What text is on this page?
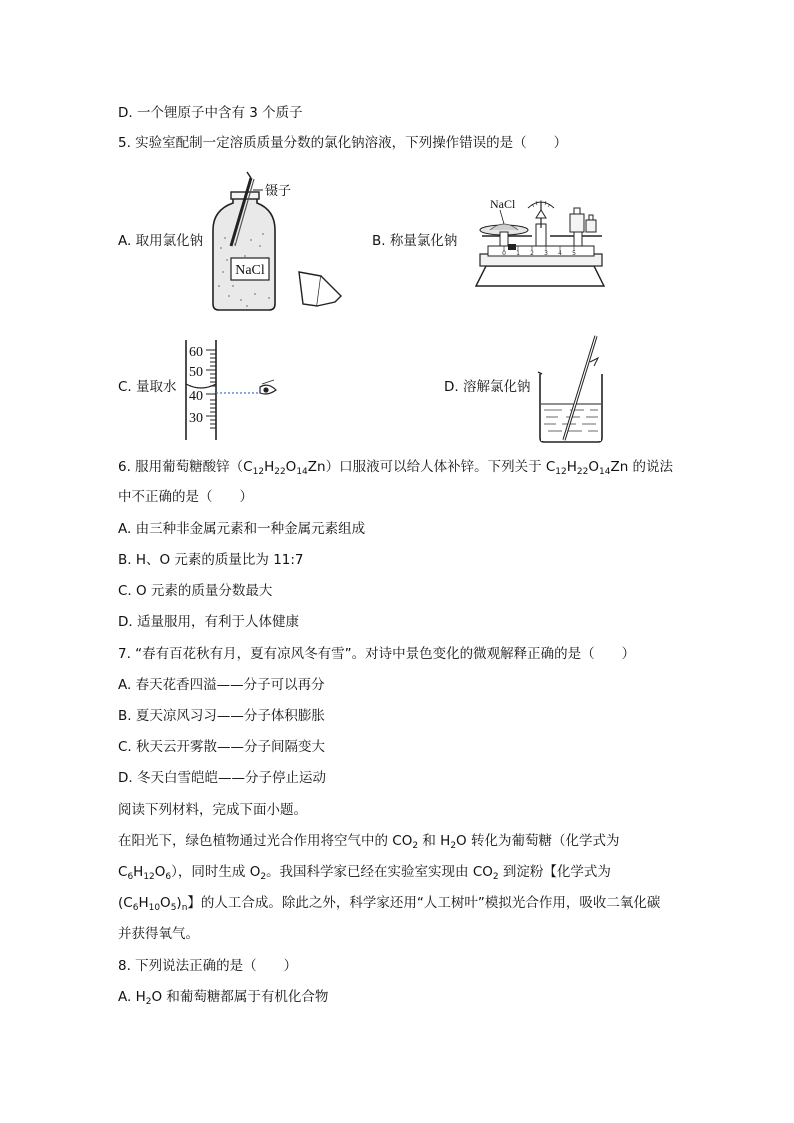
D. 一个锂原子中含有 3 个质子
5. 实验室配制一定溶质质量分数的氯化钠溶液，下列操作错误的是（　　）
A. 取用氯化钠
NaCl
镊子
B. 称量氯化钠
0 1 2 3 4 5
NaCl
C. 量取水
60
50
40
30
D. 溶解氯化钠
6. 服用葡萄糖酸锌$(C_{12}H_{22}O_{14}Zn)$口服液可以给人体补锌。下列关于 $C_{12}H_{22}O_{14}Zn$ 的说法
中不正确的是（　　）
A. 由三种非金属元素和一种金属元素组成
B. H、O 元素的质量比为 11:7
C. O 元素的质量分数最大
D. 适量服用，有利于人体健康
7. “春有百花秋有月，夏有凉风冬有雪”。对诗中景色变化的微观解释正确的是（　　）
A. 春天花香四溢——分子可以再分
B. 夏天凉风习习——分子体积膨胀
C. 秋天云开雾散——分子间隔变大
D. 冬天白雪皑皑——分子停止运动
阅读下列材料，完成下面小题。
在阳光下，绿色植物通过光合作用将空气中的 $CO_2$ 和 $H_2O$ 转化为葡萄糖（化学式为
$C_6H_{12}O_6$），同时生成 $O_2$。我国科学家已经在实验室实现由 $CO_2$ 到淀粉【化学式为
$(C_6H_{10}O_5)_n$】的人工合成。除此之外，科学家还用“人工树叶”模拟光合作用，吸收二氧化碳
并获得氧气。
8. 下列说法正确的是（　　）
A. $H_2O$ 和葡萄糖都属于有机化合物
